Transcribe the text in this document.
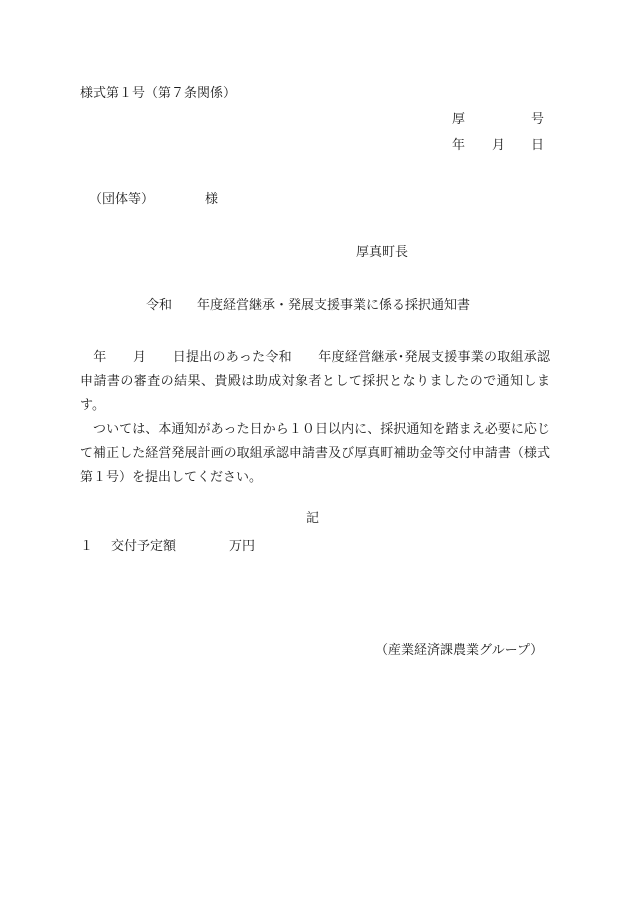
様式第１号（第７条関係）
厚	号
年 月 日
（団体等）	様
厚真町長
令和 年度経営継承・発展支援事業に係る採択通知書

　年　　月　　日提出のあった令和　　年度経営継承･発展支援事業の取組承認申請書の審査の結果、貴殿は助成対象者として採択となりましたので通知します。

　ついては、本通知があった日から１０日以内に、採択通知を踏まえ必要に応じて補正した経営発展計画の取組承認申請書及び厚真町補助金等交付申請書（様式第１号）を提出してください。

記
１ 交付予定額	万円
（産業経済課農業グループ）
